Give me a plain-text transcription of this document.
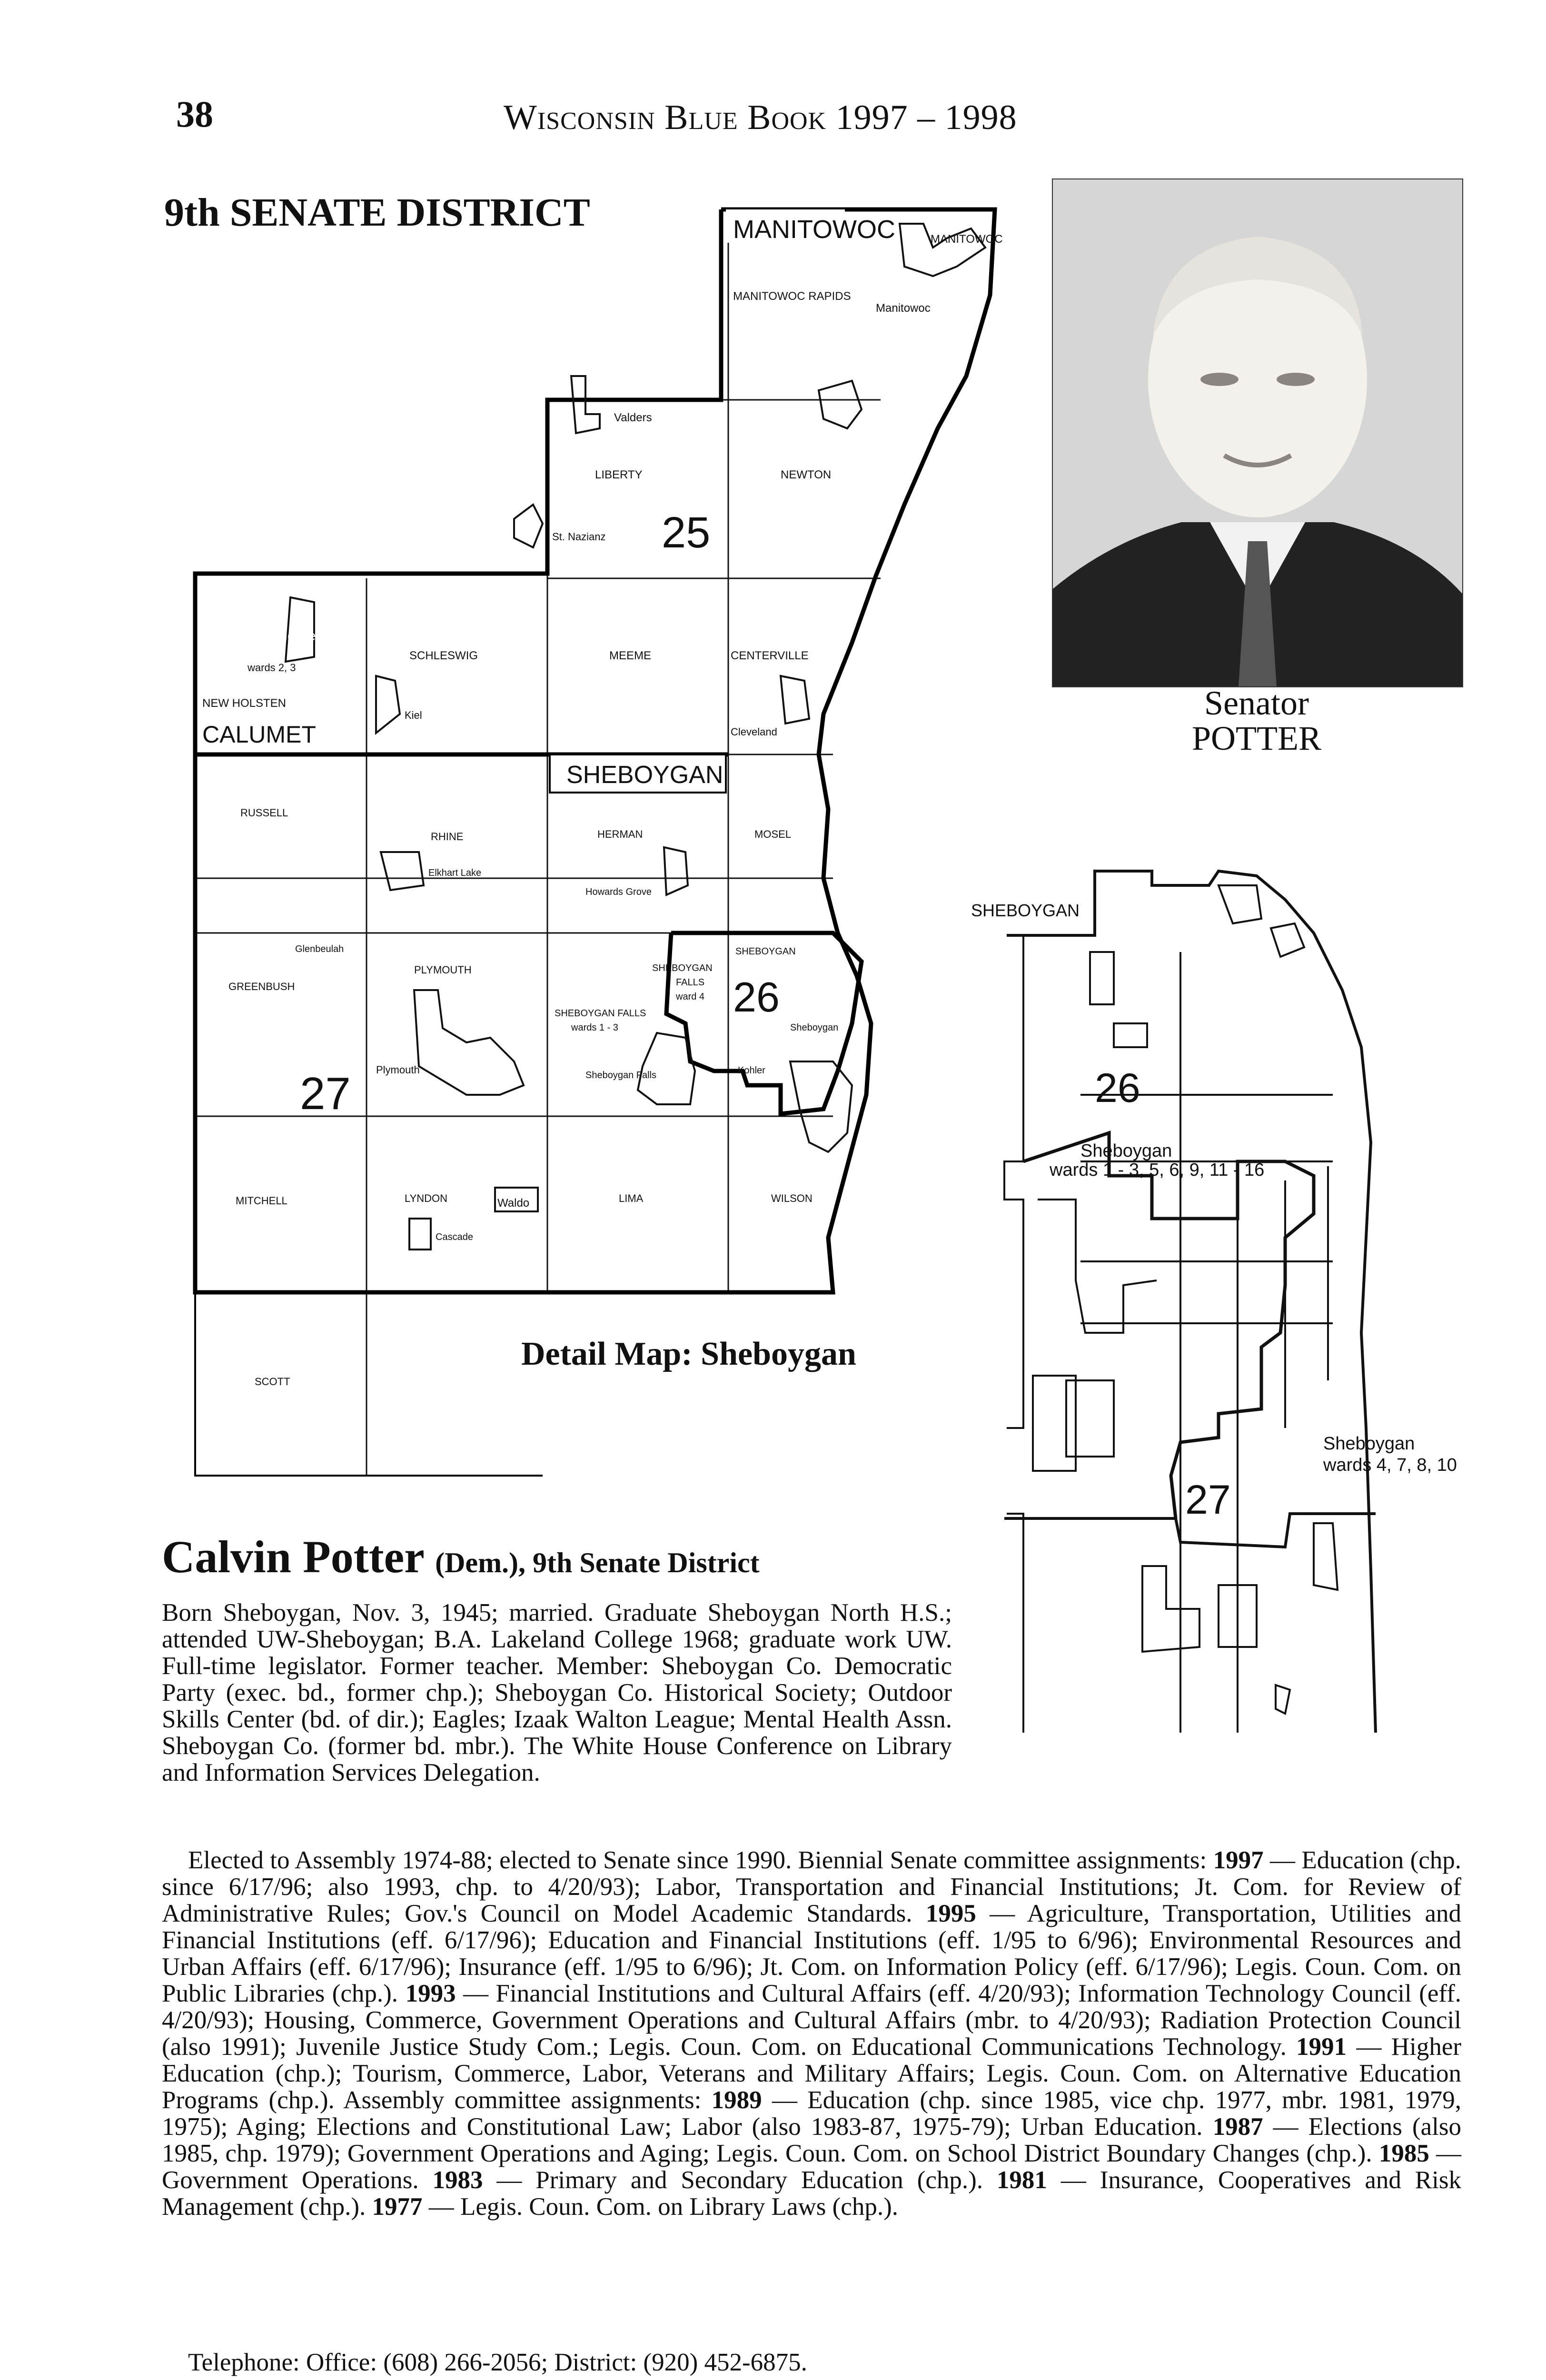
38	Wisconsin Blue Book 1997 – 1998
9th SENATE DISTRICT	MANITOWOC	MANITOWOC
MANITOWOC RAPIDS
Manitowoc
Valders
LIBERTY	NEWTON
St. Nazianz 25
New Holstein
wards 2, 3
NEW HOLSTEN
SCHLESWIG
Kiel
MEEME	CENTERVILLE
Cleveland
CALUMET
SHEBOYGAN
RUSSELL
RHINE
Elkhart Lake
HERMAN
Howards Grove
MOSEL
Glenbeulah
GREENBUSH
PLYMOUTH
Plymouth
SHEBOYGAN
FALLS
ward 4
SHEBOYGAN
26
SHEBOYGAN FALLS
wards 1 - 3
Sheboygan Falls
Sheboygan
Kohler
27
MITCHELL	LYNDON	Waldo
Cascade
LIMA	WILSON
SCOTT
SHEBOYGAN
26
Sheboygan
wards 1 - 3, 5, 6, 9, 11 - 16
27
Sheboygan
wards 4, 7, 8, 10
Senator
POTTER
Detail Map: Sheboygan
Calvin Potter (Dem.), 9th Senate District
Born Sheboygan, Nov. 3, 1945; married. Graduate Sheboygan North H.S.; attended UW-Sheboygan; B.A. Lakeland College 1968; graduate work UW. Full-time legislator. Former teacher. Member: Sheboygan Co. Democratic Party (exec. bd., former chp.); Sheboygan Co. Historical Society; Outdoor Skills Center (bd. of dir.); Eagles; Izaak Walton League; Mental Health Assn. Sheboygan Co. (former bd. mbr.). The White House Conference on Library and Information Services Delegation.

Elected to Assembly 1974-88; elected to Senate since 1990. Biennial Senate committee assignments: 1997 — Education (chp. since 6/17/96; also 1993, chp. to 4/20/93); Labor, Transportation and Financial Institutions; Jt. Com. for Review of Administrative Rules; Gov.'s Council on Model Academic Standards. 1995 — Agriculture, Transportation, Utilities and Financial Institutions (eff. 6/17/96); Education and Financial Institutions (eff. 1/95 to 6/96); Environmental Resources and Urban Affairs (eff. 6/17/96); Insurance (eff. 1/95 to 6/96); Jt. Com. on Information Policy (eff. 6/17/96); Legis. Coun. Com. on Public Libraries (chp.). 1993 — Financial Institutions and Cultural Affairs (eff. 4/20/93); Information Technology Council (eff. 4/20/93); Housing, Commerce, Government Operations and Cultural Affairs (mbr. to 4/20/93); Radiation Protection Council (also 1991); Juvenile Justice Study Com.; Legis. Coun. Com. on Educational Communications Technology. 1991 — Higher Education (chp.); Tourism, Commerce, Labor, Veterans and Military Affairs; Legis. Coun. Com. on Alternative Education Programs (chp.). Assembly committee assignments: 1989 — Education (chp. since 1985, vice chp. 1977, mbr. 1981, 1979, 1975); Aging; Elections and Constitutional Law; Labor (also 1983-87, 1975-79); Urban Education. 1987 — Elections (also 1985, chp. 1979); Government Operations and Aging; Legis. Coun. Com. on School District Boundary Changes (chp.). 1985 — Government Operations. 1983 — Primary and Secondary Education (chp.). 1981 — Insurance, Cooperatives and Risk Management (chp.). 1977 — Legis. Coun. Com. on Library Laws (chp.).

Telephone: Office: (608) 266-2056; District: (920) 452-6875.
